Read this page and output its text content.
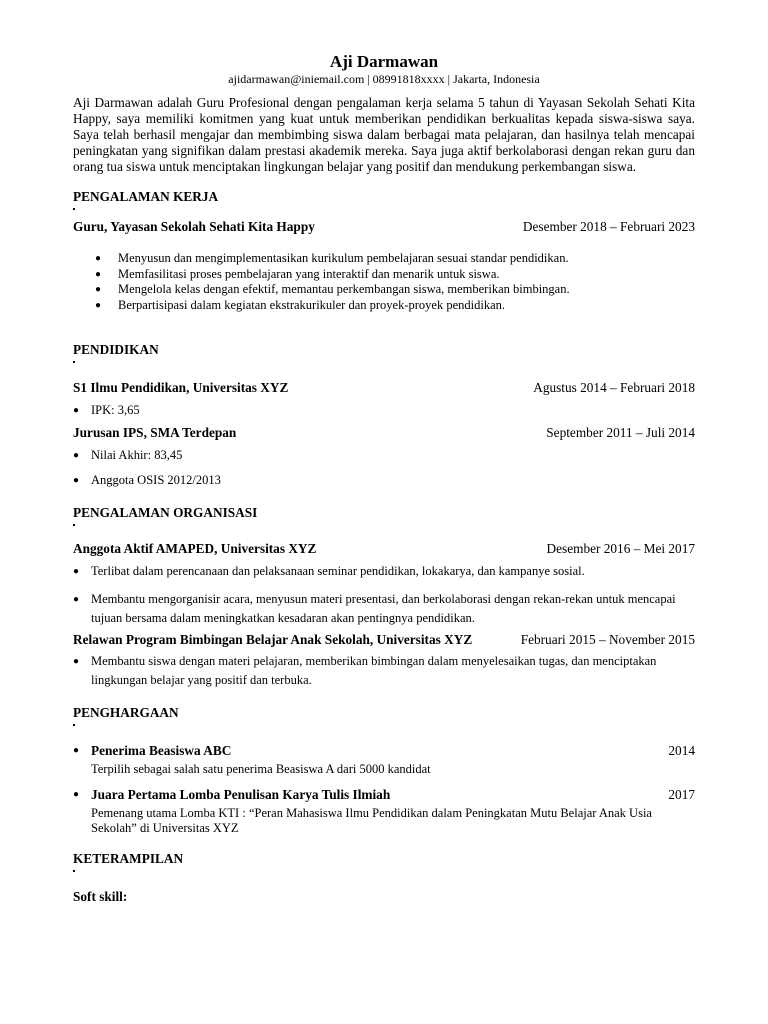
Aji Darmawan
ajidarmawan@iniemail.com | 08991818xxxx | Jakarta, Indonesia
Aji Darmawan adalah Guru Profesional dengan pengalaman kerja selama 5 tahun di Yayasan Sekolah Sehati Kita Happy, saya memiliki komitmen yang kuat untuk memberikan pendidikan berkualitas kepada siswa-siswa saya. Saya telah berhasil mengajar dan membimbing siswa dalam berbagai mata pelajaran, dan hasilnya telah mencapai peningkatan yang signifikan dalam prestasi akademik mereka. Saya juga aktif berkolaborasi dengan rekan guru dan orang tua siswa untuk menciptakan lingkungan belajar yang positif dan mendukung perkembangan siswa.
PENGALAMAN KERJA
Guru, Yayasan Sekolah Sehati Kita Happy	Desember 2018 – Februari 2023
● Menyusun dan mengimplementasikan kurikulum pembelajaran sesuai standar pendidikan.
● Memfasilitasi proses pembelajaran yang interaktif dan menarik untuk siswa.
● Mengelola kelas dengan efektif, memantau perkembangan siswa, memberikan bimbingan.
● Berpartisipasi dalam kegiatan ekstrakurikuler dan proyek-proyek pendidikan.
PENDIDIKAN
S1 Ilmu Pendidikan, Universitas XYZ	Agustus 2014 – Februari 2018
● IPK: 3,65
Jurusan IPS, SMA Terdepan	September 2011 – Juli 2014
● Nilai Akhir: 83,45
● Anggota OSIS 2012/2013
PENGALAMAN ORGANISASI
Anggota Aktif AMAPED, Universitas XYZ	Desember 2016 – Mei 2017
● Terlibat dalam perencanaan dan pelaksanaan seminar pendidikan, lokakarya, dan kampanye sosial.
● Membantu mengorganisir acara, menyusun materi presentasi, dan berkolaborasi dengan rekan-rekan untuk mencapai tujuan bersama dalam meningkatkan kesadaran akan pentingnya pendidikan.
Relawan Program Bimbingan Belajar Anak Sekolah, Universitas XYZ	Februari 2015 – November 2015
● Membantu siswa dengan materi pelajaran, memberikan bimbingan dalam menyelesaikan tugas, dan menciptakan lingkungan belajar yang positif dan terbuka.
PENGHARGAAN
● Penerima Beasiswa ABC	2014
Terpilih sebagai salah satu penerima Beasiswa A dari 5000 kandidat
● Juara Pertama Lomba Penulisan Karya Tulis Ilmiah	2017
Pemenang utama Lomba KTI : “Peran Mahasiswa Ilmu Pendidikan dalam Peningkatan Mutu Belajar Anak Usia Sekolah” di Universitas XYZ
KETERAMPILAN
Soft skill:
